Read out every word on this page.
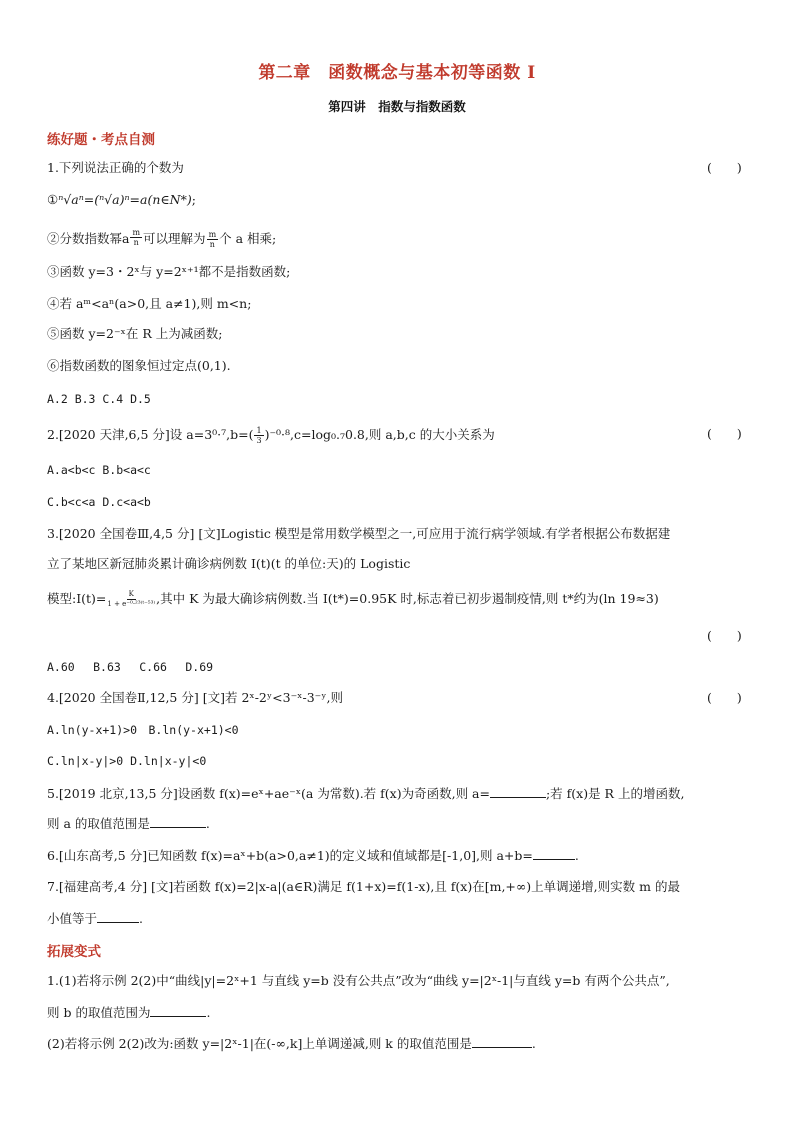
第二章　函数概念与基本初等函数 I
第四讲　指数与指数函数
练好题・考点自测
1.下列说法正确的个数为	(　　)
①ⁿ√aⁿ=(ⁿ√a)ⁿ=a(n∈N*);
②分数指数幂a $\frac{m}{n}$ 可以理解为 $\frac{m}{n}$ 个 a 相乘;
③函数 y=3・2ˣ与 y=2ˣ⁺¹都不是指数函数;
④若 aᵐ<aⁿ(a>0,且 a≠1),则 m<n;
⑤函数 y=2⁻ˣ在 R 上为减函数;
⑥指数函数的图象恒过定点(0,1).
A.2 B.3 C.4 D.5
2.[2020 天津,6,5 分]设 $a=3^0\cdot^7,b=( \frac{1}{3} )^{-0}\cdot^8,c=\log_0._70.8$,则 a,b,c 的大小关系为	(　　)
A.a<b<c B.b<a<c
C.b<c<a D.c<a<b
3.[2020 全国卷Ⅲ,4,5 分] [文]Logistic 模型是常用数学模型之一,可应用于流行病学领域.有学者根据公布数据建
立了某地区新冠肺炎累计确诊病例数 I(t)(t 的单位:天)的 Logistic
模型:I(t)= $\frac{K}{\text{1 + e⁻⁰·²³⁽ᵗ⁻⁵³⁾}}$ ,其中 K 为最大确诊病例数.当 I(t*)=0.95K 时,标志着已初步遏制疫情,则 t*约为(ln 19≈3)
(　　)
A.60　 B.63　 C.66　 D.69
4.[2020 全国卷Ⅱ,12,5 分] [文]若 2ˣ-2ʸ<3⁻ˣ-3⁻ʸ,则	(　　)
A.ln(y-x+1)>0　B.ln(y-x+1)<0
C.ln|x-y|>0 D.ln|x-y|<0
5.[2019 北京,13,5 分]设函数 f(x)=eˣ+ae⁻ˣ(a 为常数).若 f(x)为奇函数,则 a=	;若 f(x)是 R 上的增函数,
则 a 的取值范围是	.
6.[山东高考,5 分]已知函数 f(x)=aˣ+b(a>0,a≠1)的定义域和值域都是[-1,0],则 a+b=	.
7.[福建高考,4 分] [文]若函数 f(x)=2|x-a|(a∈R)满足 f(1+x)=f(1-x),且 f(x)在[m,+∞)上单调递增,则实数 m 的最
小值等于	.
拓展变式
1.(1)若将示例 2(2)中“曲线|y|=2ˣ+1 与直线 y=b 没有公共点”改为“曲线 y=|2ˣ-1|与直线 y=b 有两个公共点”,
则 b 的取值范围为	.
(2)若将示例 2(2)改为:函数 y=|2ˣ-1|在(-∞,k]上单调递减,则 k 的取值范围是	.
